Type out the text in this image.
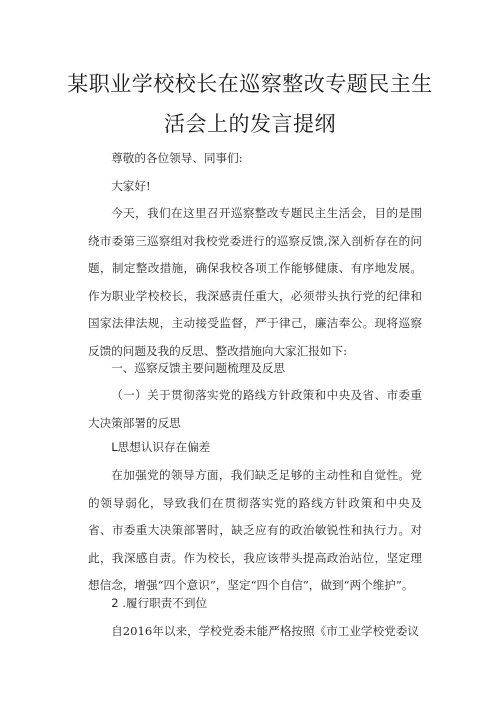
某职业学校校长在巡察整改专题民主生
活会上的发言提纲

尊敬的各位领导、同事们:

大家好!

今天，我们在这里召开巡察整改专题民主生活会，目的是围绕市委第三巡察组对我校党委进行的巡察反馈,深入剖析存在的问题，制定整改措施，确保我校各项工作能够健康、有序地发展。作为职业学校校长，我深感责任重大，必须带头执行党的纪律和国家法律法规，主动接受监督，严于律己，廉洁奉公。现将巡察反馈的问题及我的反思、整改措施向大家汇报如下:

一、巡察反馈主要问题梳理及反思

（一）关于贯彻落实党的路线方针政策和中央及省、市委重大决策部署的反思

L思想认识存在偏差

在加强党的领导方面，我们缺乏足够的主动性和自觉性。党的领导弱化，导致我们在贯彻落实党的路线方针政策和中央及省、市委重大决策部署时，缺乏应有的政治敏锐性和执行力。对此，我深感自责。作为校长，我应该带头提高政治站位，坚定理想信念，增强“四个意识”，坚定“四个自信”，做到“两个维护”。

2 .履行职责不到位

自2016年以来，学校党委未能严格按照《市工业学校党委议
